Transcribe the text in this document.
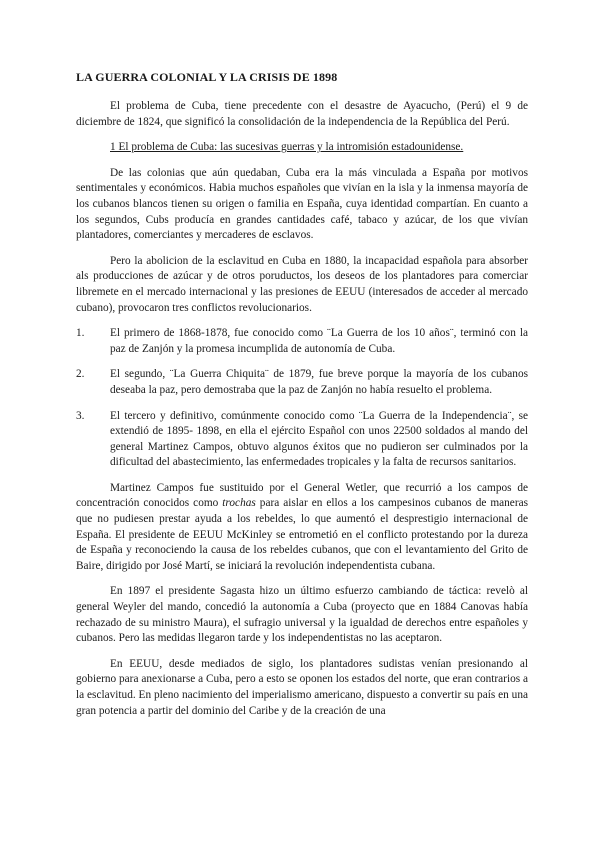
LA GUERRA COLONIAL Y LA CRISIS DE 1898

El problema de Cuba, tiene precedente con el desastre de Ayacucho, (Perú) el 9 de diciembre de 1824, que significó la consolidación de la independencia de la República del Perú.

1 El problema de Cuba: las sucesivas guerras y la intromisión estadounidense.

De las colonias que aún quedaban, Cuba era la más vinculada a España por motivos sentimentales y económicos. Habia muchos españoles que vivían en la isla y la inmensa mayoría de los cubanos blancos tienen su origen o familia en España, cuya identidad compartían. En cuanto a los segundos, Cubs producía en grandes cantidades café, tabaco y azúcar, de los que vivían plantadores, comerciantes y mercaderes de esclavos.

Pero la abolicion de la esclavitud en Cuba en 1880, la incapacidad española para absorber als producciones de azúcar y de otros poruductos, los deseos de los plantadores para comerciar libremete en el mercado internacional y las presiones de EEUU (interesados de acceder al mercado cubano), provocaron tres conflictos revolucionarios.

1.	El primero de 1868-1878, fue conocido como ¨La Guerra de los 10 años¨, terminó con la paz de Zanjón y la promesa incumplida de autonomía de Cuba.
2.	El segundo, ¨La Guerra Chiquita¨ de 1879, fue breve porque la mayoría de los cubanos deseaba la paz, pero demostraba que la paz de Zanjón no había resuelto el problema.
3.	El tercero y definitivo, comúnmente conocido como ¨La Guerra de la Independencia¨, se extendió de 1895- 1898, en ella el ejército Español con unos 22500 soldados al mando del general Martinez Campos, obtuvo algunos éxitos que no pudieron ser culminados por la dificultad del abastecimiento, las enfermedades tropicales y la falta de recursos sanitarios.

Martinez Campos fue sustituido por el General Wetler, que recurrió a los campos de concentración conocidos como trochas para aislar en ellos a los campesinos cubanos de maneras que no pudiesen prestar ayuda a los rebeldes, lo que aumentó el desprestigio internacional de España. El presidente de EEUU McKinley se entrometió en el conflicto protestando por la dureza de España y reconociendo la causa de los rebeldes cubanos, que con el levantamiento del Grito de Baire, dirigido por José Martí, se iniciará la revolución independentista cubana.

En 1897 el presidente Sagasta hizo un último esfuerzo cambiando de táctica: revelò al general Weyler del mando, concedió la autonomía a Cuba (proyecto que en 1884 Canovas había rechazado de su ministro Maura), el sufragio universal y la igualdad de derechos entre españoles y cubanos. Pero las medidas llegaron tarde y los independentistas no las aceptaron.

En EEUU, desde mediados de siglo, los plantadores sudistas venían presionando al gobierno para anexionarse a Cuba, pero a esto se oponen los estados del norte, que eran contrarios a la esclavitud. En pleno nacimiento del imperialismo americano, dispuesto a convertir su país en una gran potencia a partir del dominio del Caribe y de la creación de una
